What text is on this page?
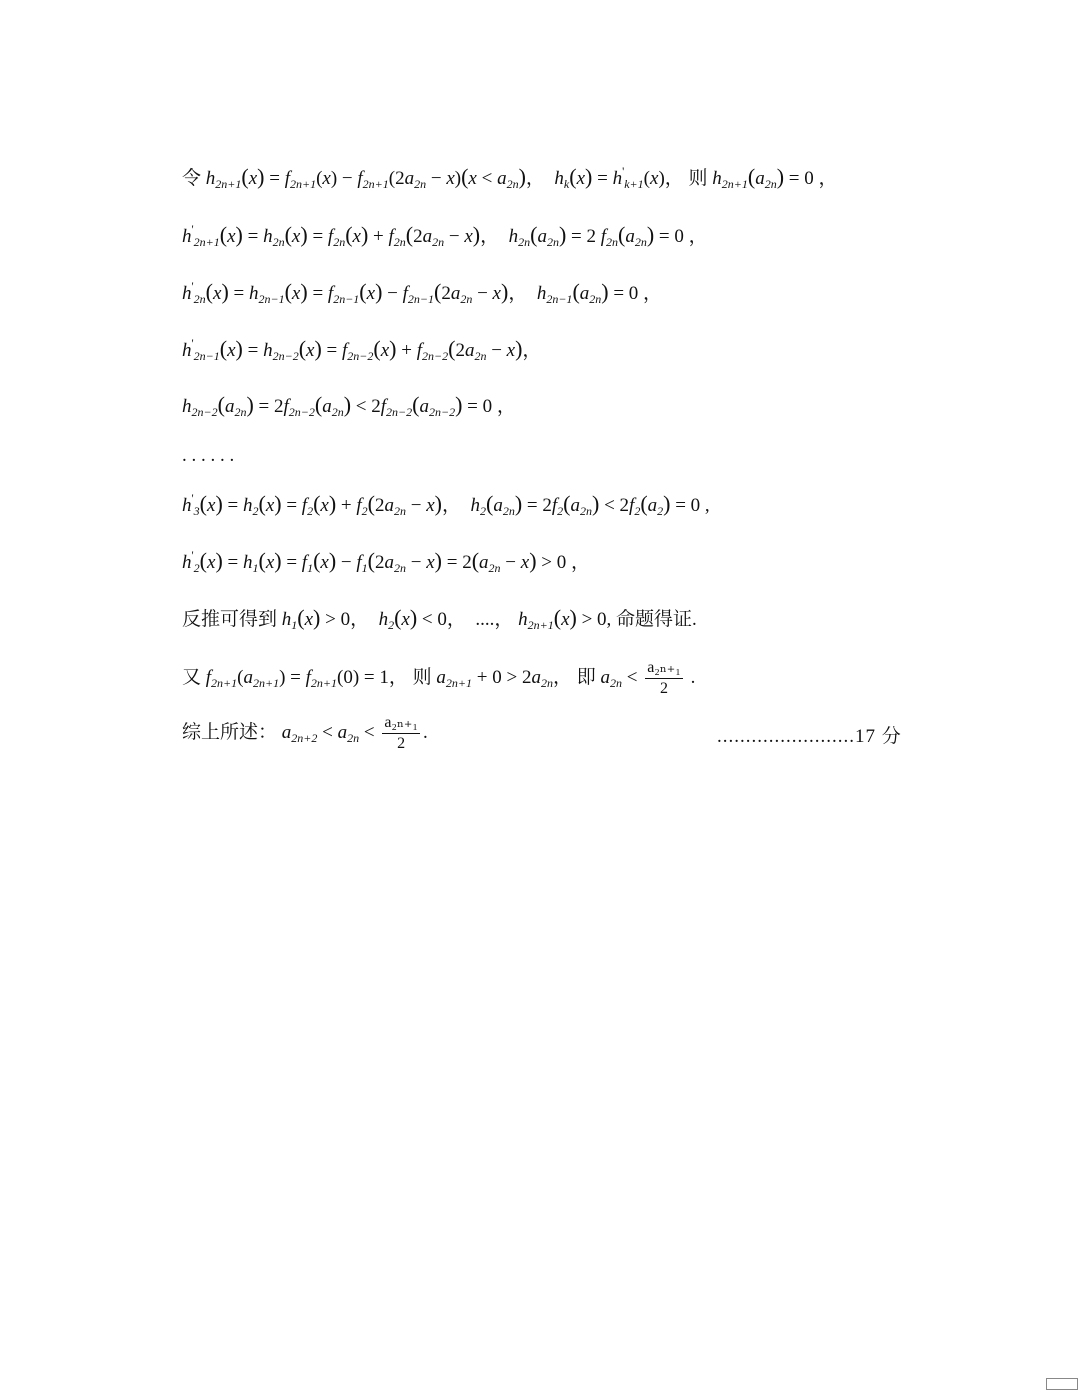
令 $h_{2n+1}(x) = f_{2n+1}(x) - f_{2n+1}(2a_{2n} - x)(x < a_{2n})$，  $h_k(x) = h'_{k+1}(x)$， 则 $h_{2n+1}(a_{2n}) = 0$ ，
$h'_{2n+1}(x) = h_{2n}(x) = f_{2n}(x) + f_{2n}(2a_{2n} - x)$，  $h_{2n}(a_{2n}) = 2$ $f_{2n}(a_{2n}) = 0$ ，
$h'_{2n}(x) = h_{2n-1}(x) = f_{2n-1}(x) - f_{2n-1}(2a_{2n} - x)$，  $h_{2n-1}(a_{2n}) = 0$ ，
$h'_{2n-1}(x) = h_{2n-2}(x) = f_{2n-2}(x) + f_{2n-2}(2a_{2n} - x)$，
$h_{2n-2}(a_{2n}) = 2f_{2n-2}(a_{2n}) < 2f_{2n-2}(a_{2n-2}) = 0$ ，
. . . . . .
$h'_3(x) = h_2(x) = f_2(x) + f_2(2a_{2n} - x)$，  $h_2(a_{2n}) = 2f_2(a_{2n}) < 2f_2(a_2) = 0$ ,
$h'_2(x) = h_1(x) = f_1(x) - f_1(2a_{2n} - x) = 2(a_{2n} - x) > 0$ ，
反推可得到 $h_1(x) > 0$，  $h_2(x) < 0$，  ....， $h_{2n+1}(x) > 0$, 命题得证.
又 $f_{2n+1}(a_{2n+1}) = f_{2n+1}(0) = 1$， 则 $a_{2n+1} + 0 > 2a_{2n}$， 即 $a_{2n} < \frac{\text{a₂ₙ₊₁}}{2}$ .
综上所述： $a_{2n+2} < a_{2n} < \frac{\text{a₂ₙ₊₁}}{2}$ .	........................17 分
